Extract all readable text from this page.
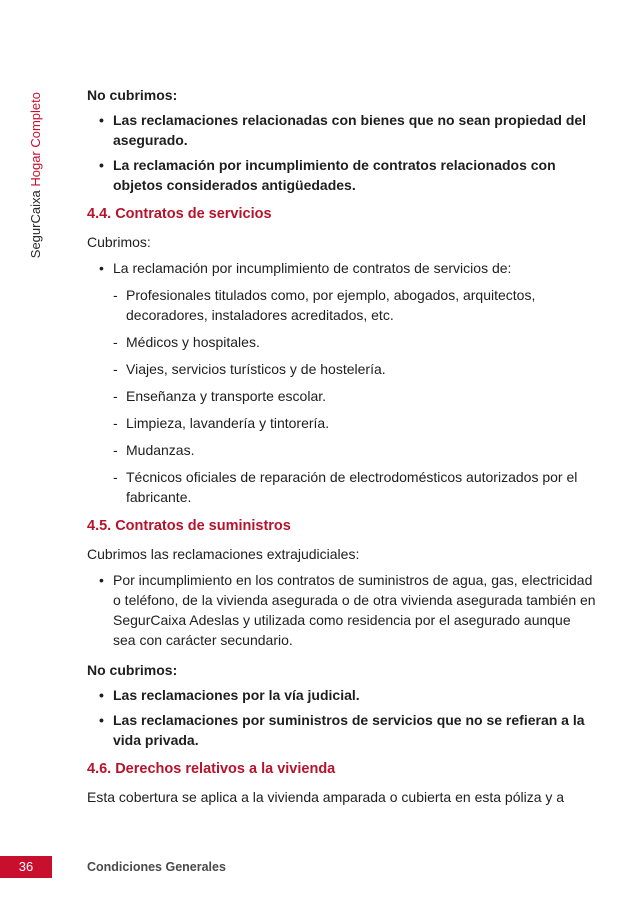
SegurCaixa Hogar Completo	No cubrimos:

• Las reclamaciones relacionadas con bienes que no sean propiedad del asegurado.

• La reclamación por incumplimiento de contratos relacionados con objetos considerados antigüedades.

4.4. Contratos de servicios

Cubrimos:

• La reclamación por incumplimiento de contratos de servicios de:

- Profesionales titulados como, por ejemplo, abogados, arquitectos, decoradores, instaladores acreditados, etc.

- Médicos y hospitales.

- Viajes, servicios turísticos y de hostelería.

- Enseñanza y transporte escolar.

- Limpieza, lavandería y tintorería.

- Mudanzas.

- Técnicos oficiales de reparación de electrodomésticos autorizados por el fabricante.

4.5. Contratos de suministros

Cubrimos las reclamaciones extrajudiciales:

• Por incumplimiento en los contratos de suministros de agua, gas, electricidad o teléfono, de la vivienda asegurada o de otra vivienda asegurada también en SegurCaixa Adeslas y utilizada como residencia por el asegurado aunque sea con carácter secundario.

No cubrimos:

• Las reclamaciones por la vía judicial.

• Las reclamaciones por suministros de servicios que no se refieran a la vida privada.

4.6. Derechos relativos a la vivienda

Esta cobertura se aplica a la vivienda amparada o cubierta en esta póliza y a

36	Condiciones Generales
